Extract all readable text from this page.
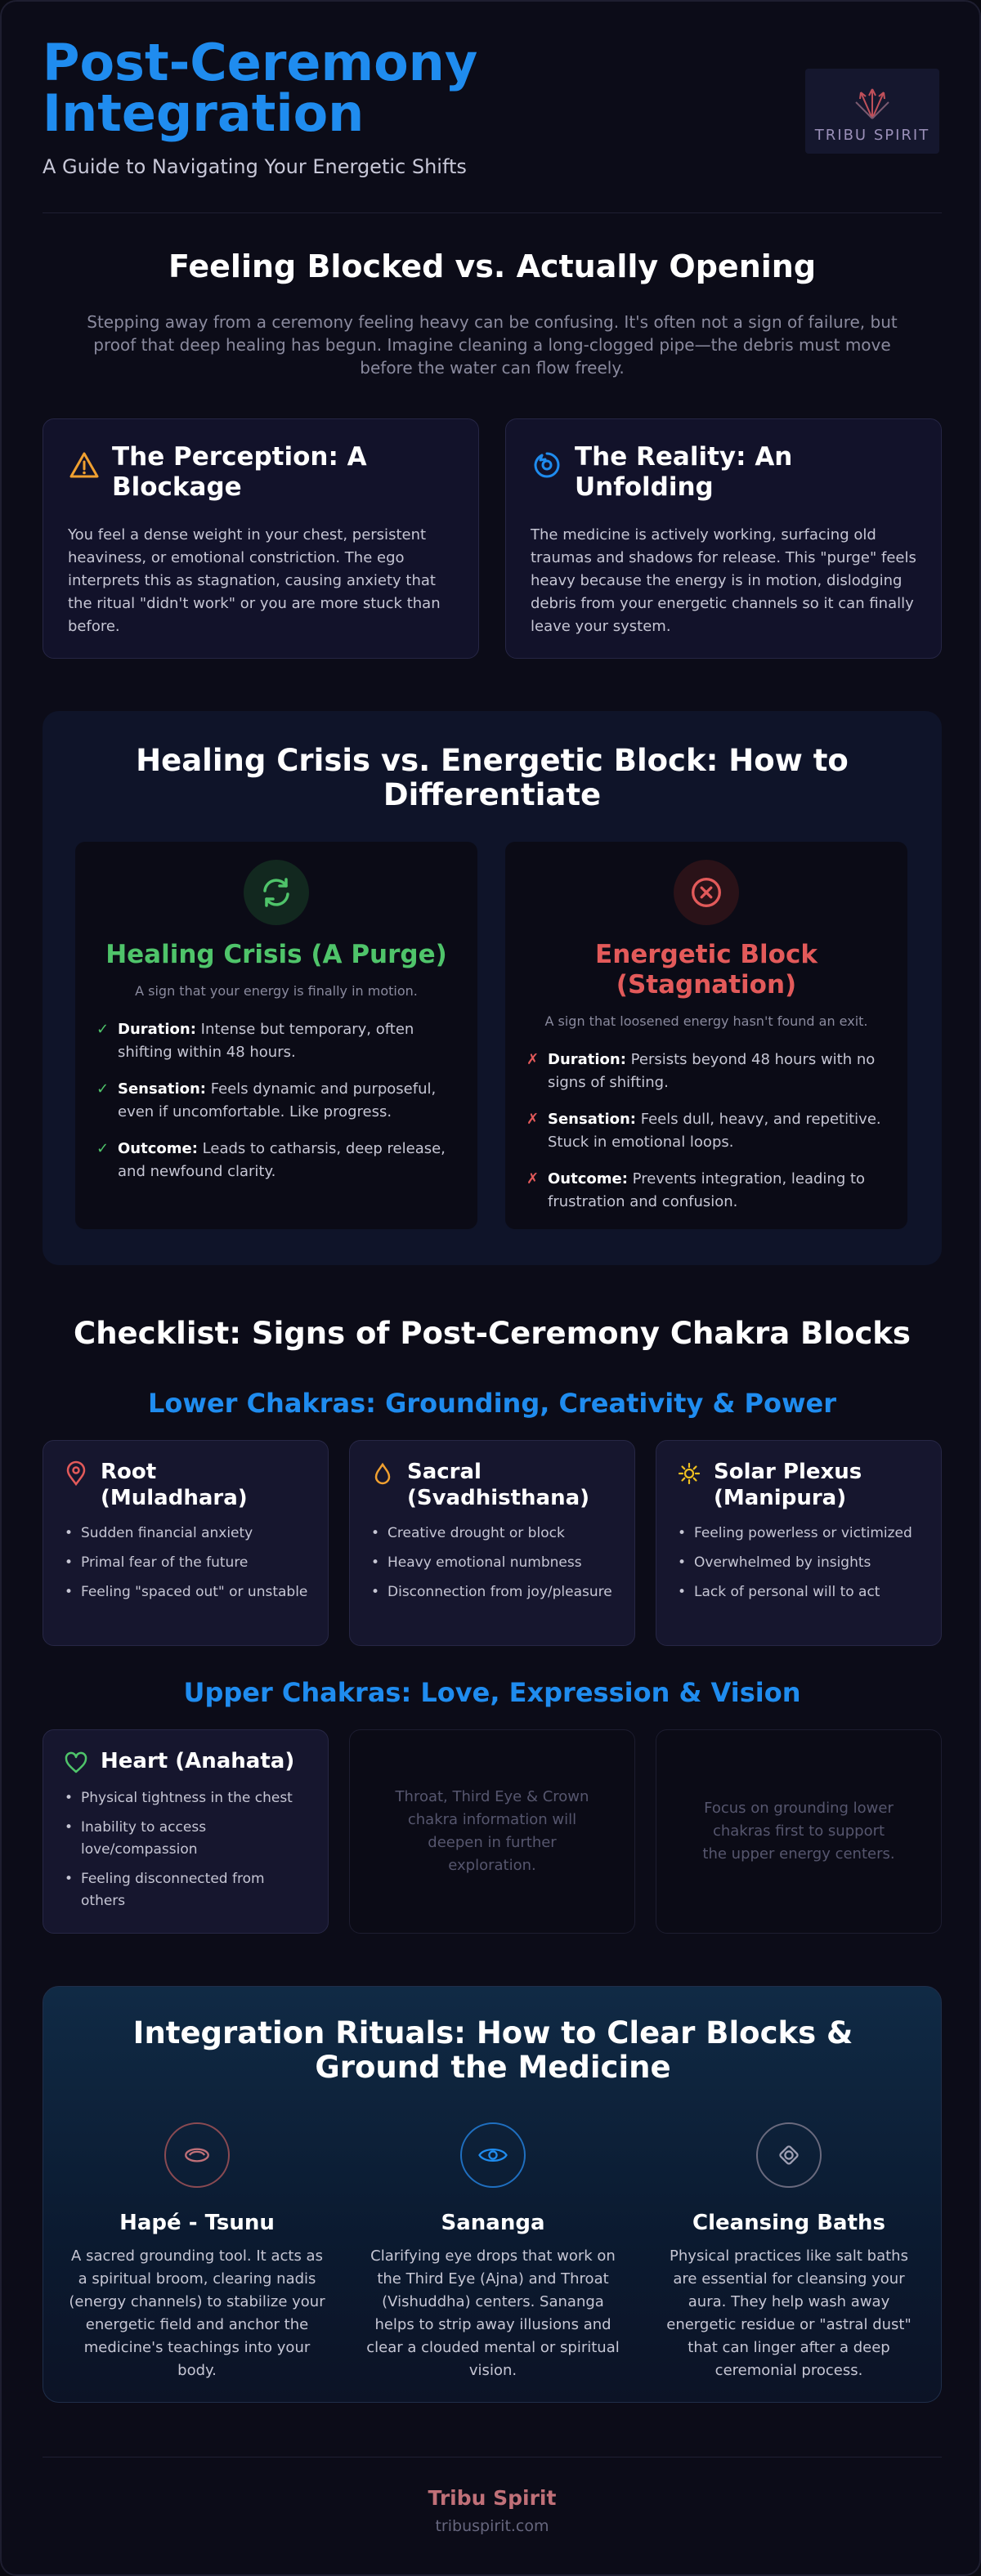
Post-Ceremony Integration
A Guide to Navigating Your Energetic Shifts
TRIBU SPIRIT
Feeling Blocked vs. Actually Opening
Stepping away from a ceremony feeling heavy can be confusing. It's often not a sign of failure, but proof that deep healing has begun. Imagine cleaning a long-clogged pipe—the debris must move before the water can flow freely.
The Perception: A Blockage
You feel a dense weight in your chest, persistent heaviness, or emotional constriction. The ego interprets this as stagnation, causing anxiety that the ritual "didn't work" or you are more stuck than before.
The Reality: An Unfolding
The medicine is actively working, surfacing old traumas and shadows for release. This "purge" feels heavy because the energy is in motion, dislodging debris from your energetic channels so it can finally leave your system.
Healing Crisis vs. Energetic Block: How to Differentiate
Healing Crisis (A Purge)
A sign that your energy is finally in motion.
✓ Duration: Intense but temporary, often shifting within 48 hours.
✓ Sensation: Feels dynamic and purposeful, even if uncomfortable. Like progress.
✓ Outcome: Leads to catharsis, deep release, and newfound clarity.
Energetic Block (Stagnation)
A sign that loosened energy hasn't found an exit.
✗ Duration: Persists beyond 48 hours with no signs of shifting.
✗ Sensation: Feels dull, heavy, and repetitive. Stuck in emotional loops.
✗ Outcome: Prevents integration, leading to frustration and confusion.
Checklist: Signs of Post-Ceremony Chakra Blocks
Lower Chakras: Grounding, Creativity & Power
Root (Muladhara)
• Sudden financial anxiety
• Primal fear of the future
• Feeling "spaced out" or unstable
Sacral (Svadhisthana)
• Creative drought or block
• Heavy emotional numbness
• Disconnection from joy/pleasure
Solar Plexus (Manipura)
• Feeling powerless or victimized
• Overwhelmed by insights
• Lack of personal will to act
Upper Chakras: Love, Expression & Vision
Heart (Anahata)
• Physical tightness in the chest
• Inability to access love/compassion
• Feeling disconnected from others
Throat, Third Eye & Crown chakra information will deepen in further exploration.
Focus on grounding lower chakras first to support the upper energy centers.
Integration Rituals: How to Clear Blocks & Ground the Medicine
Hapé - Tsunu
A sacred grounding tool. It acts as a spiritual broom, clearing nadis (energy channels) to stabilize your energetic field and anchor the medicine's teachings into your body.
Sananga
Clarifying eye drops that work on the Third Eye (Ajna) and Throat (Vishuddha) centers. Sananga helps to strip away illusions and clear a clouded mental or spiritual vision.
Cleansing Baths
Physical practices like salt baths are essential for cleansing your aura. They help wash away energetic residue or "astral dust" that can linger after a deep ceremonial process.
Tribu Spirit
tribuspirit.com
